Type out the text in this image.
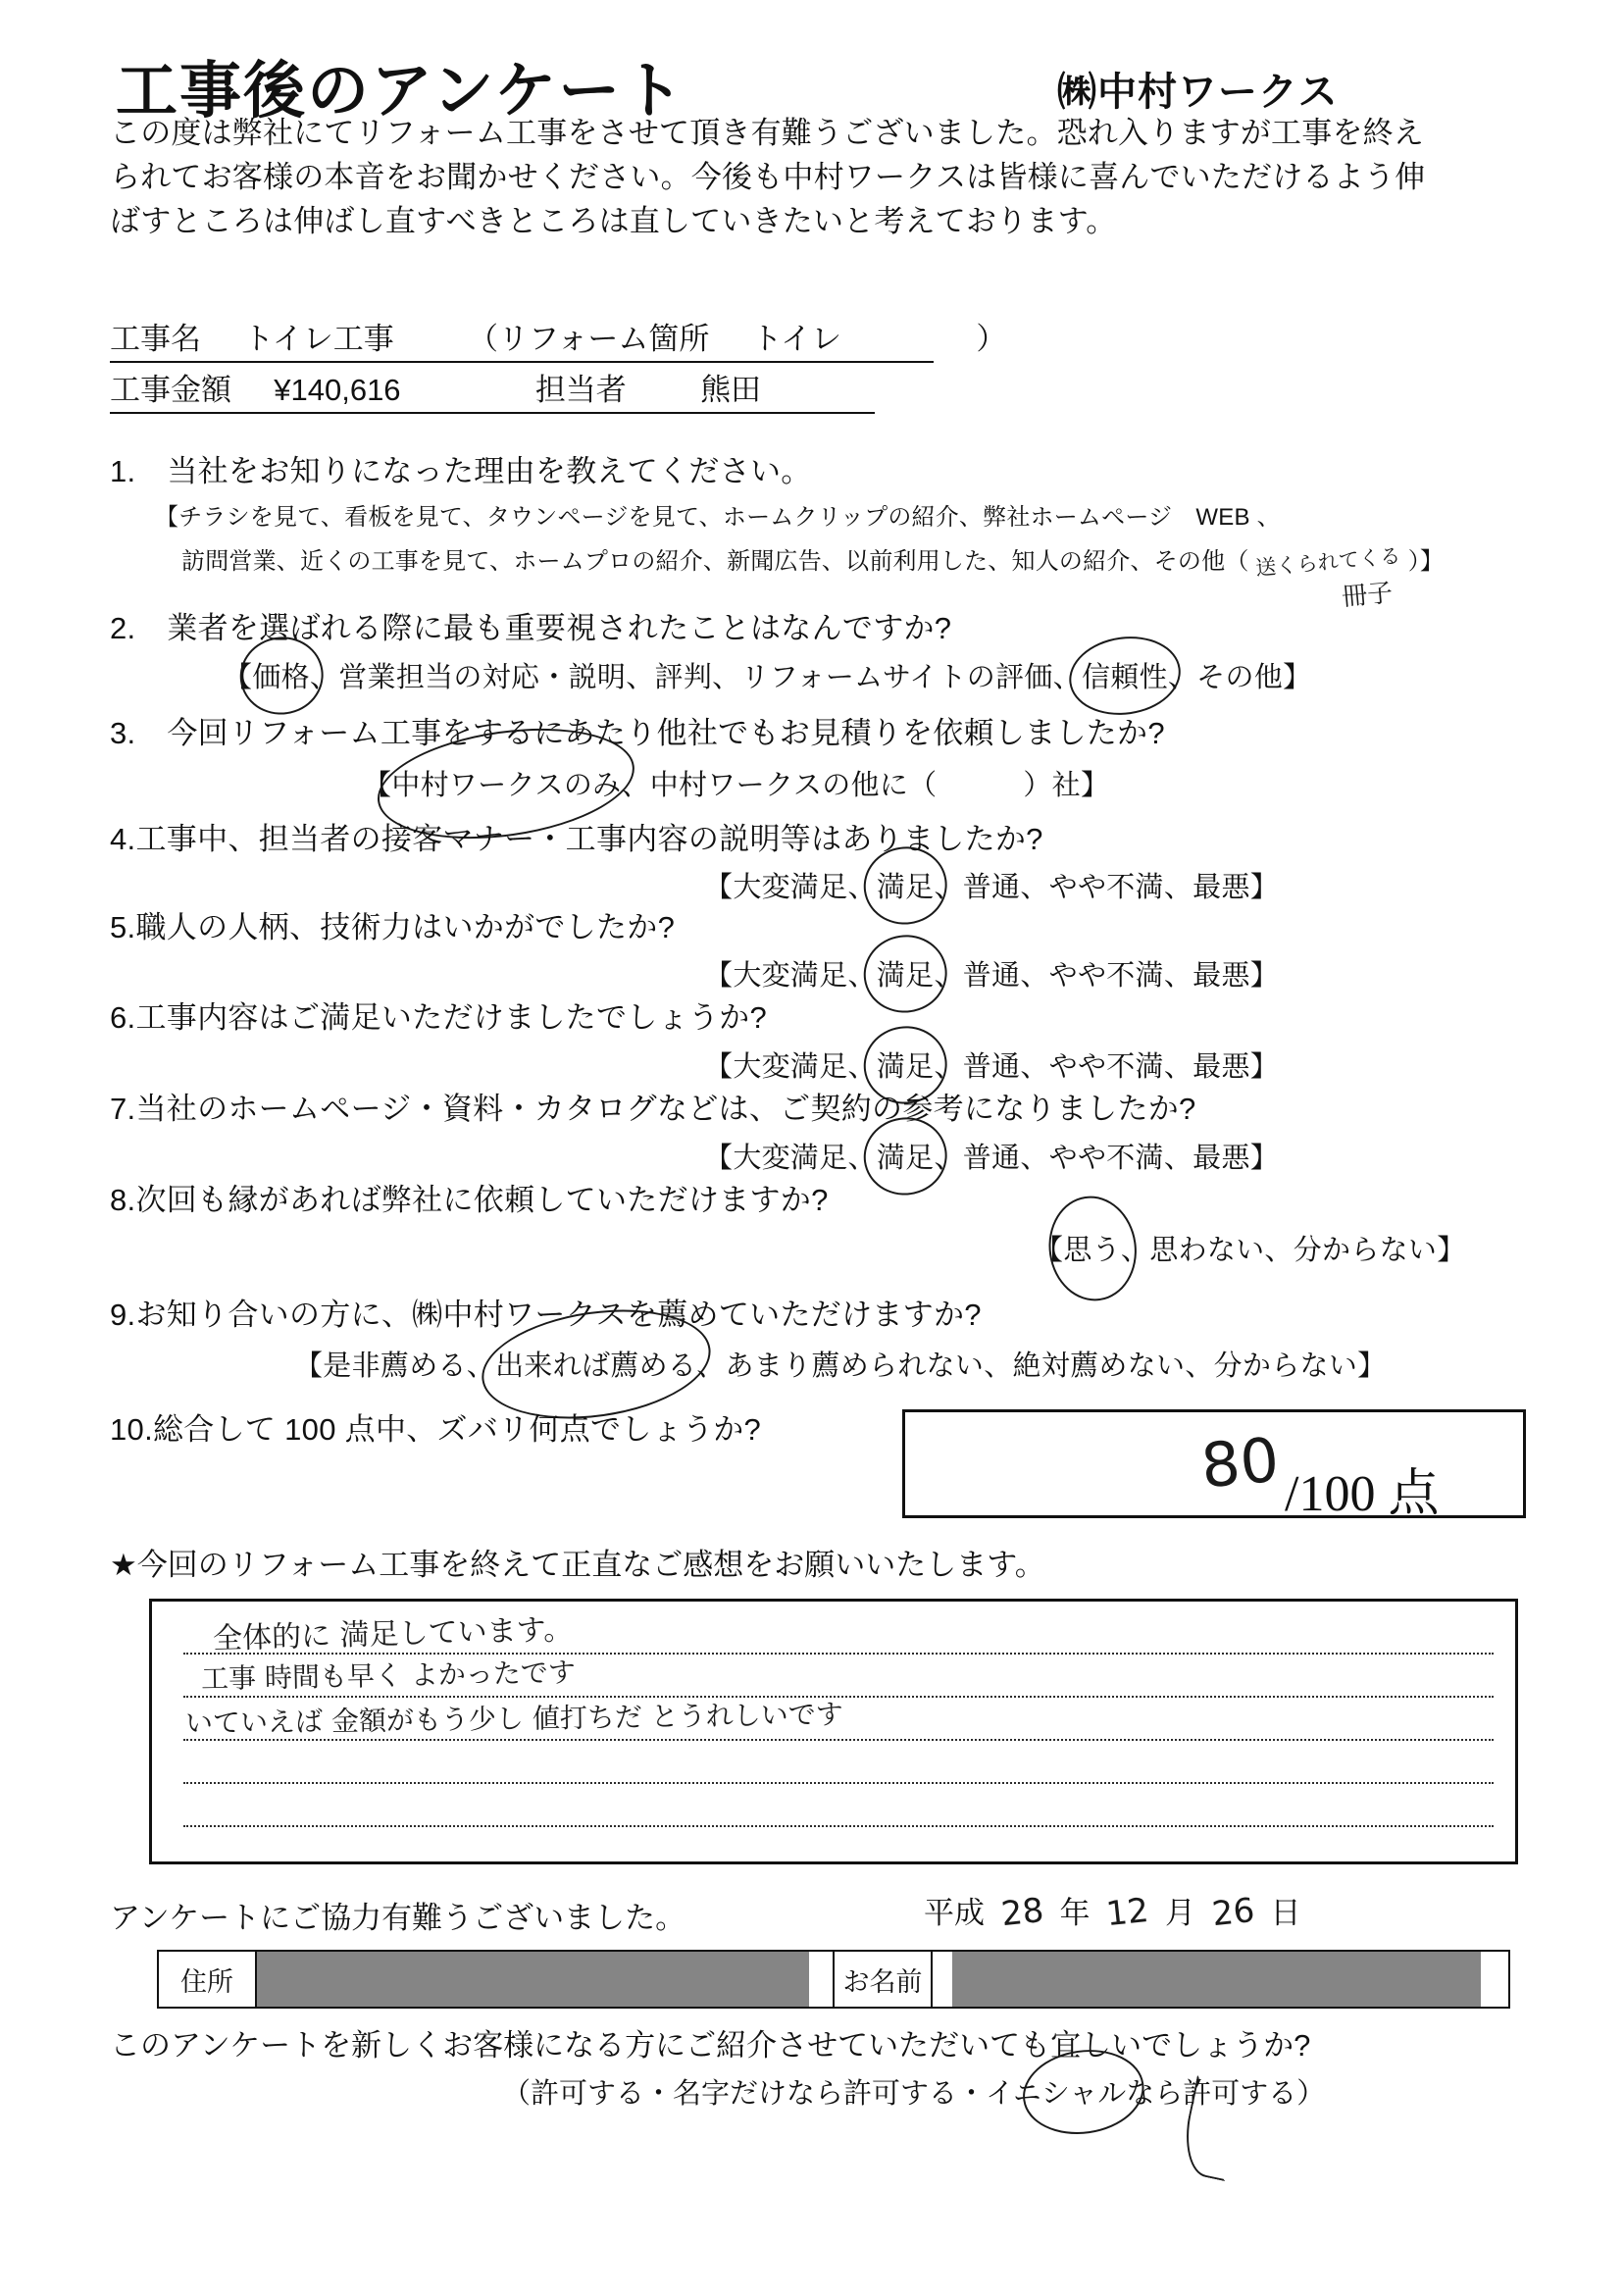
工事後のアンケート	㈱中村ワークス
この度は弊社にてリフォーム工事をさせて頂き有難うございました。恐れ入りますが工事を終え
られてお客様の本音をお聞かせください。今後も中村ワークスは皆様に喜んでいただけるよう伸
ばすところは伸ばし直すべきところは直していきたいと考えております。
工事名 トイレ工事 （リフォーム箇所 トイレ	）
工事金額 ¥140,616	担当者 熊田
1. 当社をお知りになった理由を教えてください。
【チラシを見て、看板を見て、タウンページを見て、ホームクリップの紹介、弊社ホームページ　WEB 、
訪問営業、近くの工事を見て、ホームプロの紹介、新聞広告、以前利用した、知人の紹介、その他（ 送くられてくる ）】
冊子
2. 業者を選ばれる際に最も重要視されたことはなんですか?
【価格、営業担当の対応・説明、評判、リフォームサイトの評価、信頼性、その他】
3. 今回リフォーム工事をするにあたり他社でもお見積りを依頼しましたか?
【中村ワークスのみ、中村ワークスの他に（　　　）社】
4.工事中、担当者の接客マナー・工事内容の説明等はありましたか?
【大変満足、満足、普通、やや不満、最悪】
5.職人の人柄、技術力はいかがでしたか?
【大変満足、満足、普通、やや不満、最悪】
6.工事内容はご満足いただけましたでしょうか?
【大変満足、満足、普通、やや不満、最悪】
7.当社のホームページ・資料・カタログなどは、ご契約の参考になりましたか?
【大変満足、満足、普通、やや不満、最悪】
8.次回も縁があれば弊社に依頼していただけますか?
【思う、思わない、分からない】
9.お知り合いの方に、㈱中村ワークスを薦めていただけますか?
【是非薦める、出来れば薦める、あまり薦められない、絶対薦めない、分からない】
10.総合して 100 点中、ズバリ何点でしょうか?	80 /100 点
★今回のリフォーム工事を終えて正直なご感想をお願いいたします。
全体的に 満足しています。
工事 時間も早く よかったです
いていえば 金額がもう少し 値打ちだ とうれしいです
アンケートにご協力有難うございました。	平成 28 年 12 月 26 日
住所	お名前
このアンケートを新しくお客様になる方にご紹介させていただいても宜しいでしょうか?
（許可する・名字だけなら許可する・イニシャルなら許可する）
